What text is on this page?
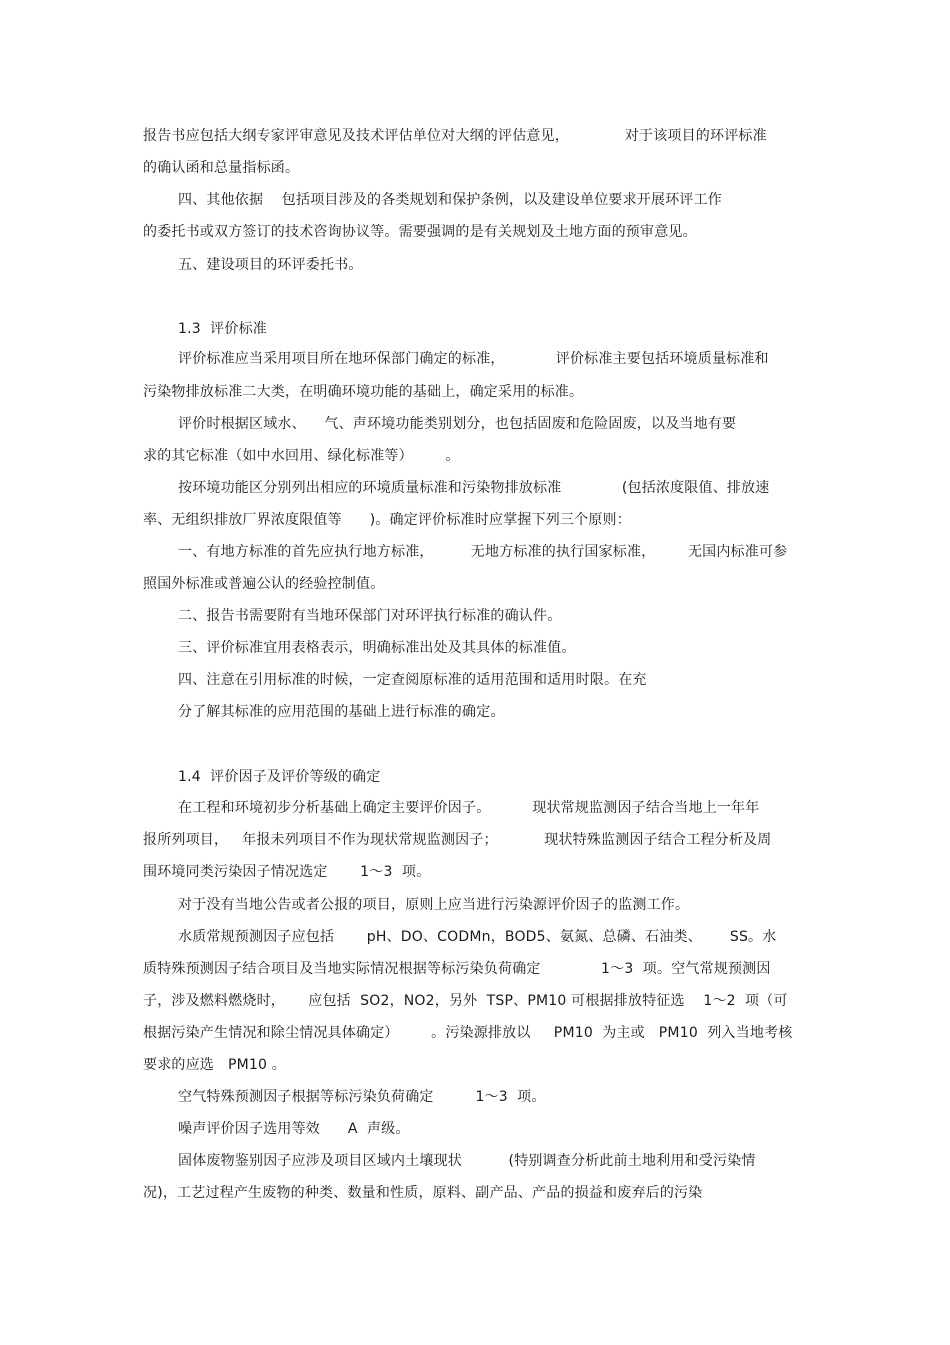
报告书应包括大纲专家评审意见及技术评估单位对大纲的评估意见，            对于该项目的环评标准
的确认函和总量指标函。
四、其他依据    包括项目涉及的各类规划和保护条例，以及建设单位要求开展环评工作
的委托书或双方签订的技术咨询协议等。需要强调的是有关规划及土地方面的预审意见。
五、建设项目的环评委托书。
1.3  评价标准
评价标准应当采用项目所在地环保部门确定的标准，           评价标准主要包括环境质量标准和
污染物排放标准二大类，在明确环境功能的基础上，确定采用的标准。
评价时根据区域水、    气、声环境功能类别划分，也包括固废和危险固废，以及当地有要
求的其它标准（如中水回用、绿化标准等）       。
按环境功能区分别列出相应的环境质量标准和污染物排放标准             (包括浓度限值、排放速
率、无组织排放厂界浓度限值等      )。确定评价标准时应掌握下列三个原则：
一、有地方标准的首先应执行地方标准，        无地方标准的执行国家标准，       无国内标准可参
照国外标准或普遍公认的经验控制值。
二、报告书需要附有当地环保部门对环评执行标准的确认件。
三、评价标准宜用表格表示，明确标准出处及其具体的标准值。
四、注意在引用标准的时候，一定查阅原标准的适用范围和适用时限。在充
分了解其标准的应用范围的基础上进行标准的确定。
1.4  评价因子及评价等级的确定
在工程和环境初步分析基础上确定主要评价因子。         现状常规监测因子结合当地上一年年
报所列项目，   年报未列项目不作为现状常规监测因子；          现状特殊监测因子结合工程分析及周
围环境同类污染因子情况选定       1～3  项。
对于没有当地公告或者公报的项目，原则上应当进行污染源评价因子的监测工作。
水质常规预测因子应包括       pH、DO、CODMn，BOD5、氨氮、总磷、石油类、      SS。水
质特殊预测因子结合项目及当地实际情况根据等标污染负荷确定             1～3  项。空气常规预测因
子，涉及燃料燃烧时，     应包括  SO2，NO2，另外  TSP、PM10 可根据排放特征选    1～2  项（可
根据污染产生情况和除尘情况具体确定）       。污染源排放以     PM10  为主或   PM10  列入当地考核
要求的应选   PM10 。
空气特殊预测因子根据等标污染负荷确定         1～3  项。
噪声评价因子选用等效      A  声级。
固体废物鉴别因子应涉及项目区域内土壤现状          (特别调查分析此前土地利用和受污染情
况)，工艺过程产生废物的种类、数量和性质，原料、副产品、产品的损益和废弃后的污染
